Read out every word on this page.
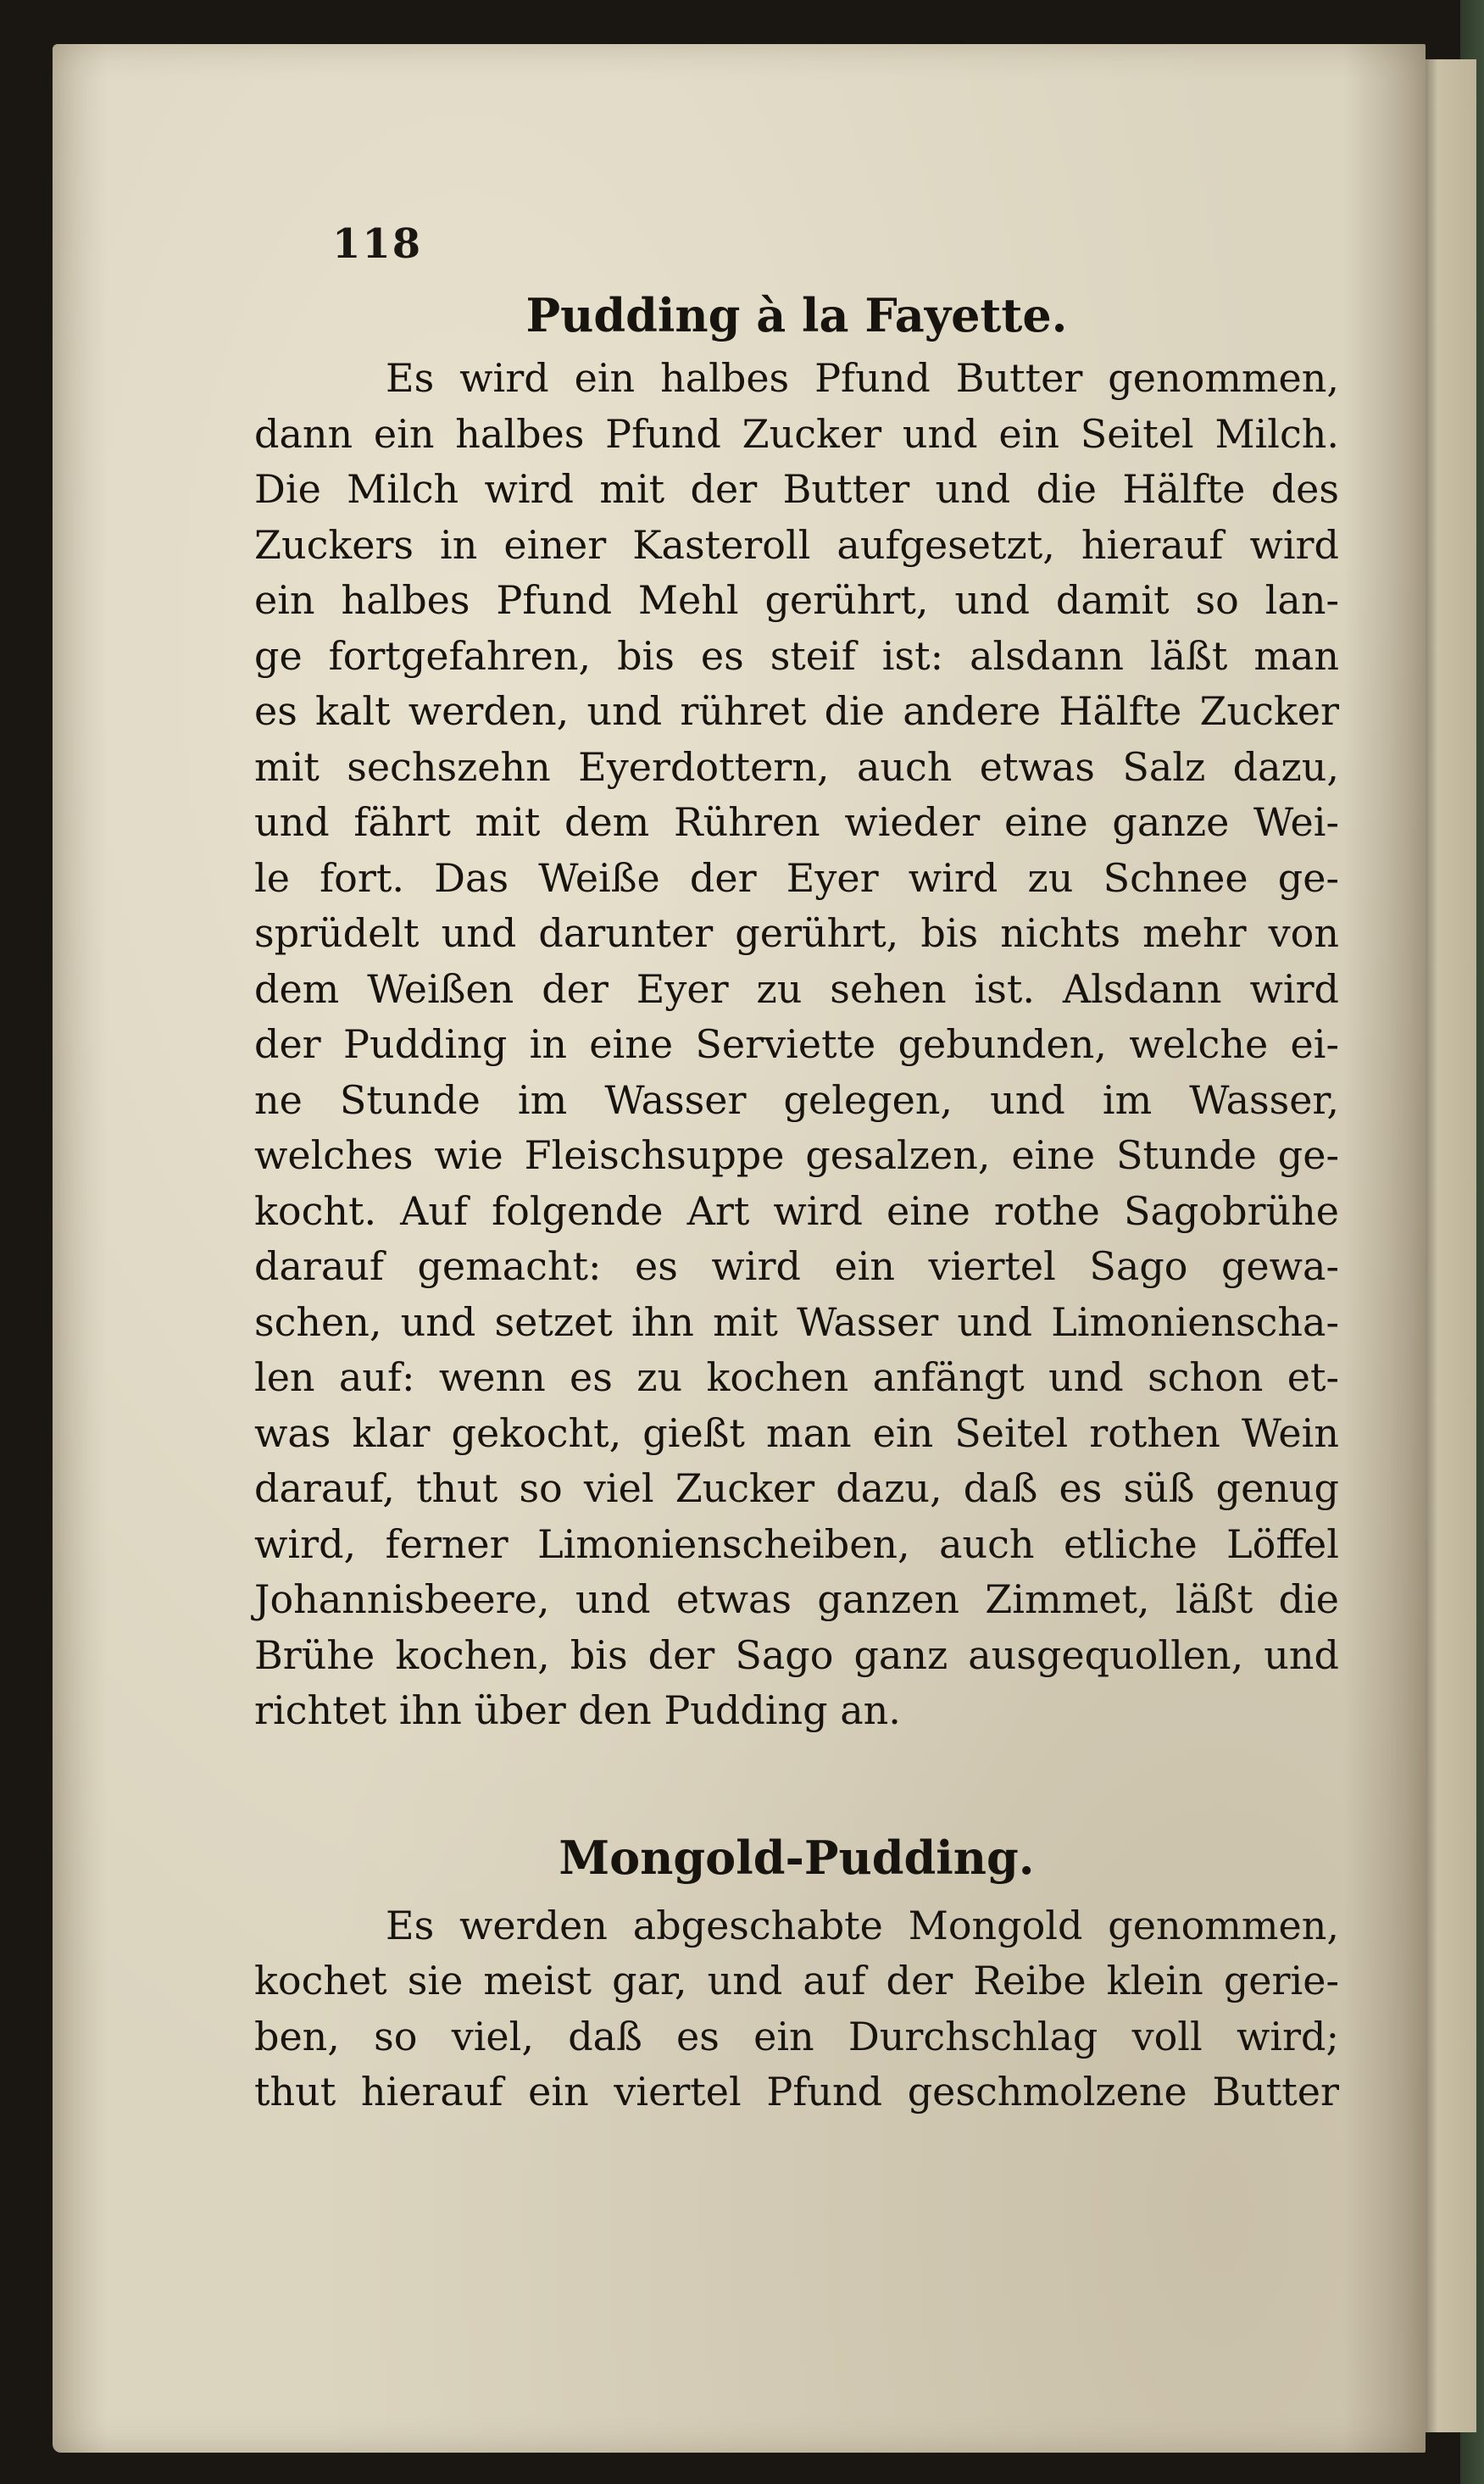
118
Pudding à la Fayette.

Es wird ein halbes Pfund Butter genommen,
dann ein halbes Pfund Zucker und ein Seitel Milch.
Die Milch wird mit der Butter und die Hälfte des
Zuckers in einer Kasteroll aufgesetzt, hierauf wird
ein halbes Pfund Mehl gerührt, und damit so lan-
ge fortgefahren, bis es steif ist: alsdann läßt man
es kalt werden, und rühret die andere Hälfte Zucker
mit sechszehn Eyerdottern, auch etwas Salz dazu,
und fährt mit dem Rühren wieder eine ganze Wei-
le fort. Das Weiße der Eyer wird zu Schnee ge-
sprüdelt und darunter gerührt, bis nichts mehr von
dem Weißen der Eyer zu sehen ist. Alsdann wird
der Pudding in eine Serviette gebunden, welche ei-
ne Stunde im Wasser gelegen, und im Wasser,
welches wie Fleischsuppe gesalzen, eine Stunde ge-
kocht. Auf folgende Art wird eine rothe Sagobrühe
darauf gemacht: es wird ein viertel Sago gewa-
schen, und setzet ihn mit Wasser und Limonienscha-
len auf: wenn es zu kochen anfängt und schon et-
was klar gekocht, gießt man ein Seitel rothen Wein
darauf, thut so viel Zucker dazu, daß es süß genug
wird, ferner Limonienscheiben, auch etliche Löffel
Johannisbeere, und etwas ganzen Zimmet, läßt die
Brühe kochen, bis der Sago ganz ausgequollen, und
richtet ihn über den Pudding an.

Mongold-Pudding.

Es werden abgeschabte Mongold genommen,
kochet sie meist gar, und auf der Reibe klein gerie-
ben, so viel, daß es ein Durchschlag voll wird;
thut hierauf ein viertel Pfund geschmolzene Butter
